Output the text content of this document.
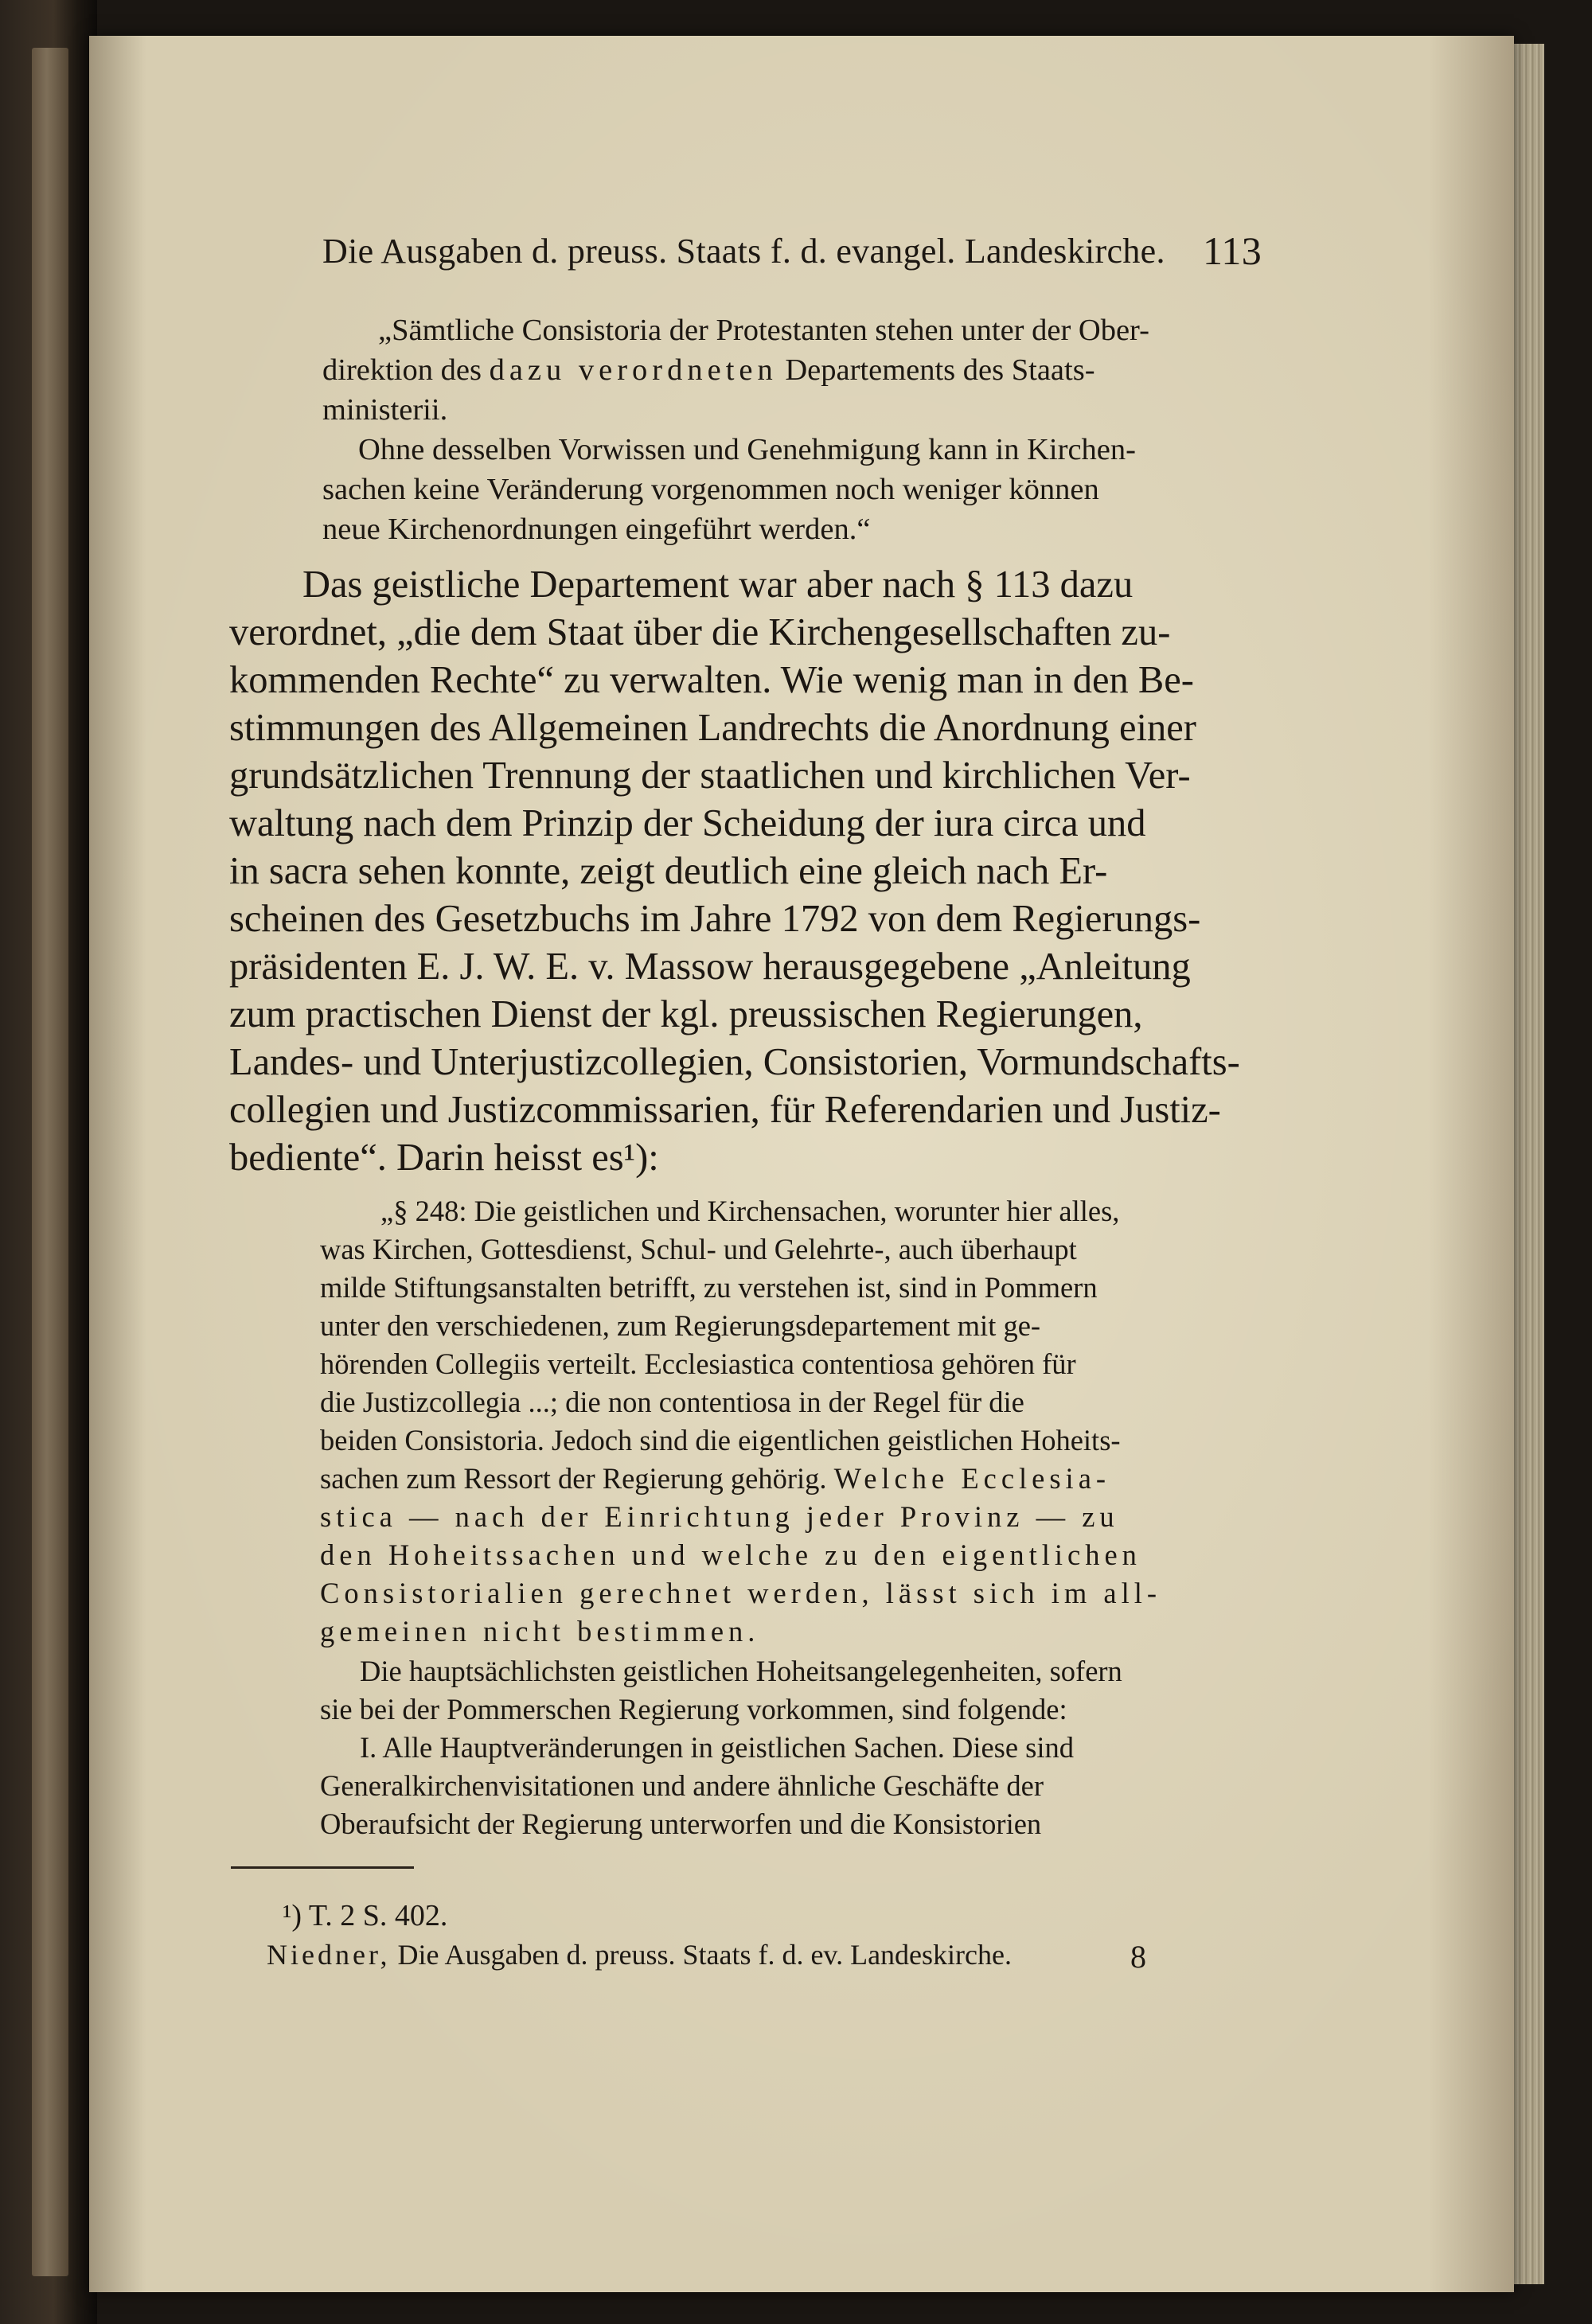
Die Ausgaben d. preuss. Staats f. d. evangel. Landeskirche. 113
„Sämtliche Consistoria der Protestanten stehen unter der Ober-
direktion des dazu verordneten Departements des Staats-
ministerii.
Ohne desselben Vorwissen und Genehmigung kann in Kirchen-
sachen keine Veränderung vorgenommen noch weniger können
neue Kirchenordnungen eingeführt werden.“
Das geistliche Departement war aber nach § 113 dazu
verordnet, „die dem Staat über die Kirchengesellschaften zu-
kommenden Rechte“ zu verwalten. Wie wenig man in den Be-
stimmungen des Allgemeinen Landrechts die Anordnung einer
grundsätzlichen Trennung der staatlichen und kirchlichen Ver-
waltung nach dem Prinzip der Scheidung der iura circa und
in sacra sehen konnte, zeigt deutlich eine gleich nach Er-
scheinen des Gesetzbuchs im Jahre 1792 von dem Regierungs-
präsidenten E. J. W. E. v. Massow herausgegebene „Anleitung
zum practischen Dienst der kgl. preussischen Regierungen,
Landes- und Unterjustizcollegien, Consistorien, Vormundschafts-
collegien und Justizcommissarien, für Referendarien und Justiz-
bediente“. Darin heisst es¹):
„§ 248: Die geistlichen und Kirchensachen, worunter hier alles,
was Kirchen, Gottesdienst, Schul- und Gelehrte-, auch überhaupt
milde Stiftungsanstalten betrifft, zu verstehen ist, sind in Pommern
unter den verschiedenen, zum Regierungsdepartement mit ge-
hörenden Collegiis verteilt. Ecclesiastica contentiosa gehören für
die Justizcollegia ...; die non contentiosa in der Regel für die
beiden Consistoria. Jedoch sind die eigentlichen geistlichen Hoheits-
sachen zum Ressort der Regierung gehörig. Welche Ecclesia-
stica — nach der Einrichtung jeder Provinz — zu
den Hoheitssachen und welche zu den eigentlichen
Consistorialien gerechnet werden, lässt sich im all-
gemeinen nicht bestimmen.
Die hauptsächlichsten geistlichen Hoheitsangelegenheiten, sofern
sie bei der Pommerschen Regierung vorkommen, sind folgende:
I. Alle Hauptveränderungen in geistlichen Sachen. Diese sind
Generalkirchenvisitationen und andere ähnliche Geschäfte der
Oberaufsicht der Regierung unterworfen und die Konsistorien
¹) T. 2 S. 402.
Niedner, Die Ausgaben d. preuss. Staats f. d. ev. Landeskirche.	8
